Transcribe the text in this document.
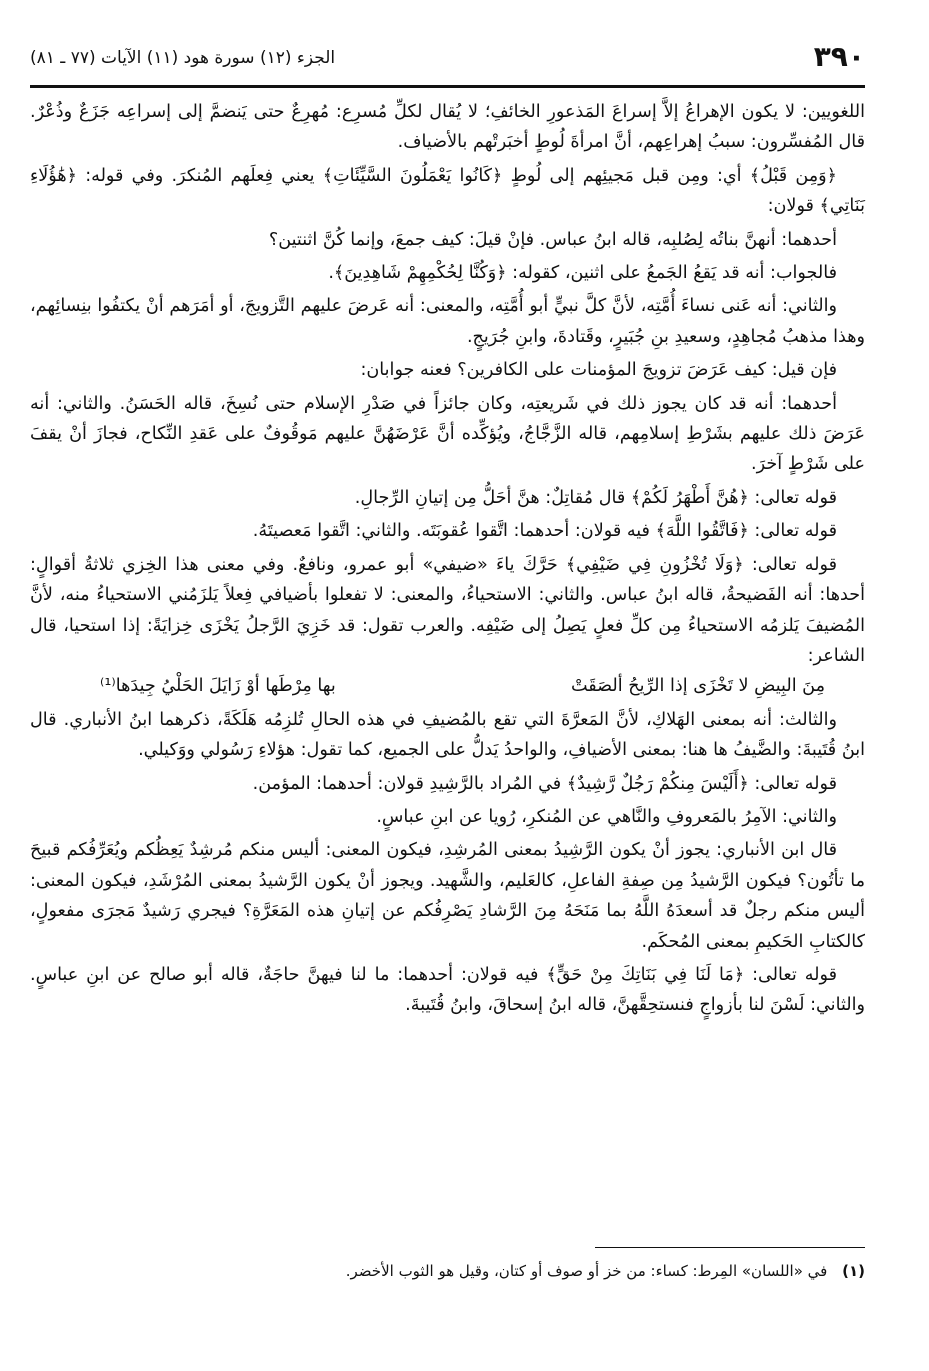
٣٩٠
الجزء (١٢) سورة هود (١١) الآيات (٧٧ ـ ٨١)

اللغويين: لا يكون الإهراعُ إلاَّ إسراعَ المَذعورِ الخائفِ؛ لا يُقال لكلِّ مُسرِع: مُهرِعٌ حتى يَنضمَّ إلى إسراعِه جَزَعٌ وذُعْرٌ. قال المُفسِّرون: سببُ إهراعِهم، أنَّ امرأةَ لُوطٍ أخبَرتْهم بالأضياف.

﴿وَمِن قَبْلُ﴾ أي: ومِن قبل مَجيئِهم إلى لُوطٍ ﴿كَانُوا يَعْمَلُونَ السَّيِّئَاتِ﴾ يعني فِعلَهم المُنكرَ. وفي قوله: ﴿هَٰؤُلَاءِ بَنَاتِي﴾ قولان:

أحدهما: أنهنَّ بناتُه لِصُلبِه، قاله ابنُ عباس. فإنْ قيلَ: كيف جمعَ، وإنما كُنَّ اثنتين؟

فالجواب: أنه قد يَقعُ الجَمعُ على اثنين، كقوله: ﴿وَكُنَّا لِحُكْمِهِمْ شَاهِدِينَ﴾.

والثاني: أنه عَنى نساءَ أُمَّتِه، لأنَّ كلَّ نبيٍّ أبو أُمَّتِه، والمعنى: أنه عَرضَ عليهم التَّزويجَ، أو أمَرَهم أنْ يكتفُوا بنِسائِهم، وهذا مذهبُ مُجاهِدٍ، وسعيدِ بنِ جُبَيرٍ، وقَتادةَ، وابنِ جُرَيجٍ.

فإن قيل: كيف عَرَضَ تزويجَ المؤمنات على الكافرين؟ فعنه جوابان:

أحدهما: أنه قد كان يجوز ذلك في شَريعتِه، وكان جائزاً في صَدْرِ الإسلام حتى نُسِخَ، قاله الحَسَنُ. والثاني: أنه عَرَضَ ذلك عليهم بشَرْطِ إسلامِهم، قاله الزَّجَّاجُ، ويُؤكِّده أنَّ عَرْضَهُنَّ عليهم مَوقُوفٌ على عَقدِ النِّكاح، فجازَ أنْ يقفَ على شَرْطٍ آخرَ.

قوله تعالى: ﴿هُنَّ أَطْهَرُ لَكُمْ﴾ قال مُقاتِلٌ: هنَّ أحَلُّ مِن إتيانِ الرِّجالِ.

قوله تعالى: ﴿فَاتَّقُوا اللَّهَ﴾ فيه قولان: أحدهما: اتَّقوا عُقوبَتَه. والثاني: اتَّقوا مَعصيتَهُ.

قوله تعالى: ﴿وَلَا تُخْزُونِ فِي ضَيْفِي﴾ حَرَّكَ ياءَ «ضيفي» أبو عمرو، ونافعٌ. وفي معنى هذا الخِزي ثلاثةُ أقوالٍ: أحدها: أنه الفَضيحةُ، قاله ابنُ عباس. والثاني: الاستحياءُ، والمعنى: لا تفعلوا بأضيافي فِعلاً يَلزَمُني الاستحياءُ منه، لأنَّ المُضيفَ يَلزمُه الاستحياءُ مِن كلِّ فعلٍ يَصِلُ إلى ضَيْفِه. والعرب تقول: قد خَزِيَ الرَّجلُ يَخْزَى خِزايَةً: إذا استحيا، قال الشاعر:

مِنَ البِيضِ لا تَخْزَى إذا الرِّيحُ ألصَقَتْ
بها مِرْطَها أوْ زَايَلَ الحَلْيُ جِيدَها⁽¹⁾

والثالث: أنه بمعنى الهَلاكِ، لأنَّ المَعرَّةَ التي تقع بالمُضيفِ في هذه الحالِ تُلزِمُه هَلَكَةً، ذكرهما ابنُ الأنباري. قال ابنُ قُتَيبةَ: والضَّيفُ ها هنا: بمعنى الأضيافِ، والواحدُ يَدلُّ على الجميع، كما تقول: هؤلاءِ رَسُولي ووَكيلي.

قوله تعالى: ﴿أَلَيْسَ مِنكُمْ رَجُلٌ رَّشِيدٌ﴾ في المُراد بالرَّشِيدِ قولان: أحدهما: المؤمن.

والثاني: الآمِرُ بالمَعروفِ والنَّاهي عن المُنكرِ، رُويا عن ابنِ عباسٍ.

قال ابن الأنباري: يجوز أنْ يكون الرَّشِيدُ بمعنى المُرشِدِ، فيكون المعنى: أليس منكم مُرشِدٌ يَعِظُكم ويُعَرِّفُكم قبيحَ ما تأتُون؟ فيكون الرَّشيدُ مِن صِفةِ الفاعلِ، كالعَليم، والشَّهيد. ويجوز أنْ يكون الرَّشيدُ بمعنى المُرْشَدِ، فيكون المعنى: أليس منكم رجلٌ قد أسعدَهُ اللَّهُ بما مَنَحَهُ مِنَ الرَّشادِ يَصْرِفُكم عن إتيانِ هذه المَعَرَّةِ؟ فيجري رَشيدٌ مَجرَى مفعولٍ، كالكتابِ الحَكيمِ بمعنى المُحكَم.

قوله تعالى: ﴿مَا لَنَا فِي بَنَاتِكَ مِنْ حَقٍّ﴾ فيه قولان: أحدهما: ما لنا فيهنَّ حاجَةٌ، قاله أبو صالح عن ابنِ عباسٍ. والثاني: لَسْنَ لنا بأزواجٍ فنستحِقَّهنَّ، قاله ابنُ إسحاقَ، وابنُ قُتَيبةَ.

(١) في «اللسان» المِرط: كساء: من خز أو صوف أو كتان، وقيل هو الثوب الأخضر.
